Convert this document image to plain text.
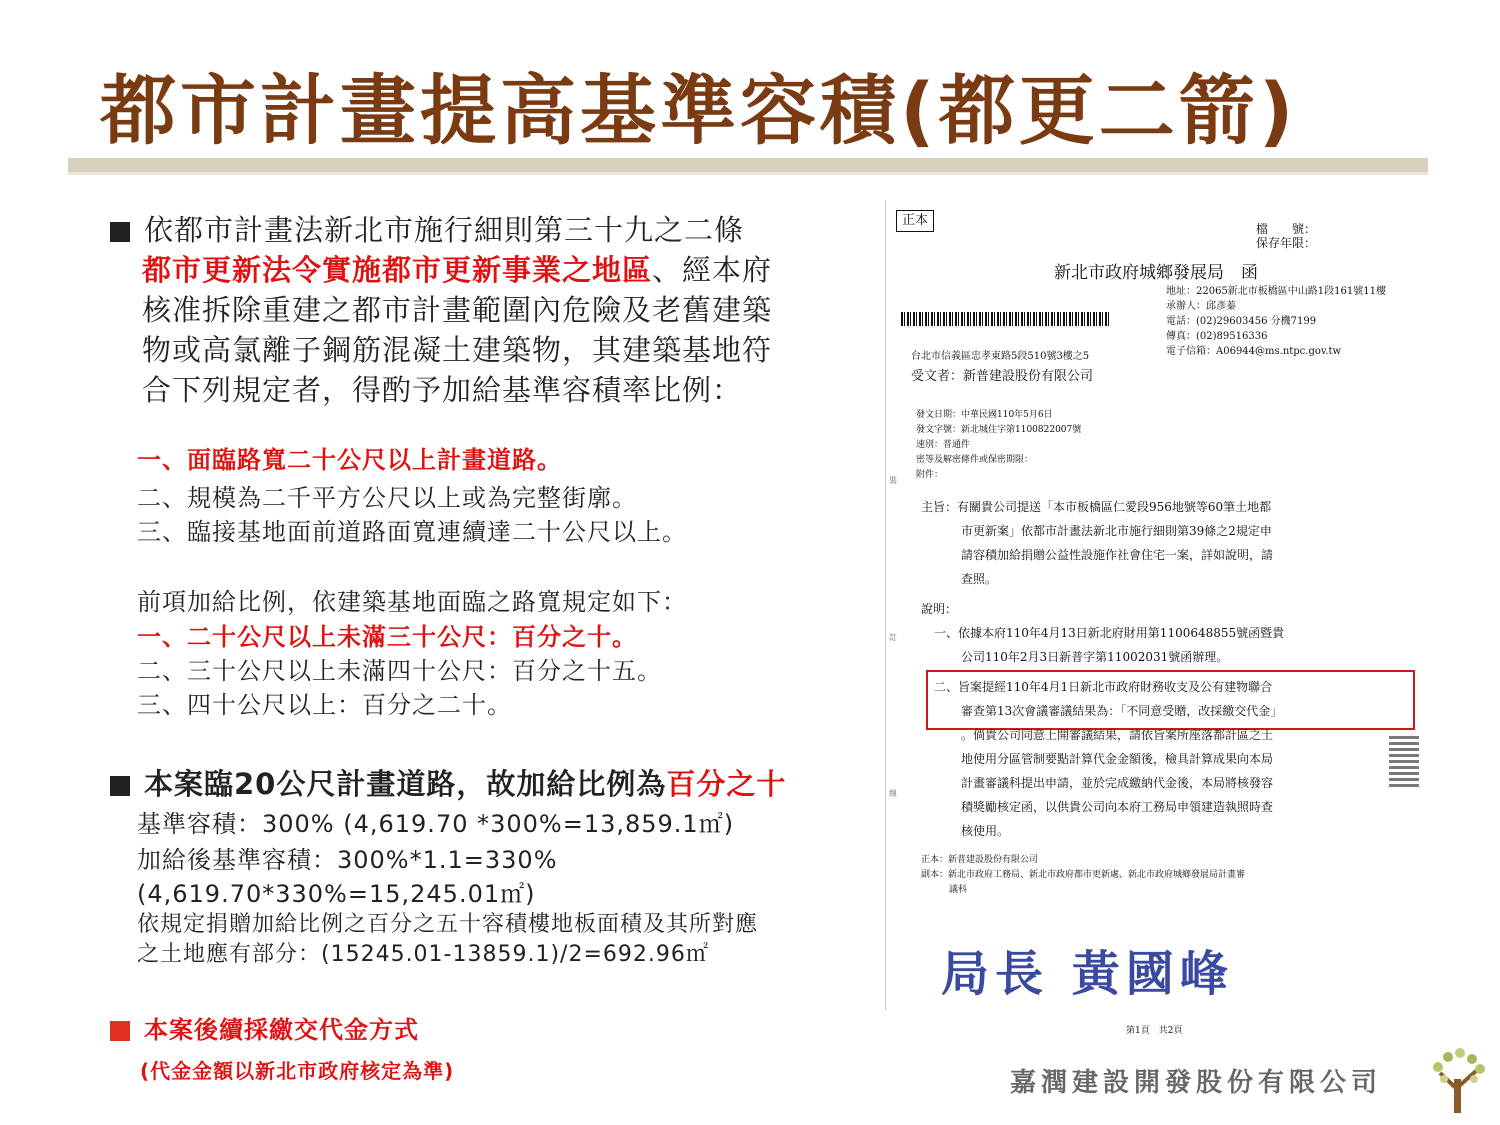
都市計畫提高基準容積(都更二箭)
依都市計畫法新北市施行細則第三十九之二條
都市更新法令實施都市更新事業之地區、經本府
核准拆除重建之都市計畫範圍內危險及老舊建築
物或高氯離子鋼筋混凝土建築物，其建築基地符
合下列規定者，得酌予加給基準容積率比例：
一、面臨路寬二十公尺以上計畫道路。
二、規模為二千平方公尺以上或為完整街廓。
三、臨接基地面前道路面寬連續達二十公尺以上。
前項加給比例，依建築基地面臨之路寬規定如下：
一、二十公尺以上未滿三十公尺：百分之十。
二、三十公尺以上未滿四十公尺：百分之十五。
三、四十公尺以上：百分之二十。
本案臨20公尺計畫道路，故加給比例為百分之十
基準容積：300% (4,619.70 *300%=13,859.1㎡)
加給後基準容積：300%*1.1=330%
(4,619.70*330%=15,245.01㎡)
依規定捐贈加給比例之百分之五十容積樓地板面積及其所對應
之土地應有部分：(15245.01-13859.1)/2=692.96㎡
本案後續採繳交代金方式
(代金金額以新北市政府核定為準)
正本
檔　　號：
保存年限：
新北市政府城鄉發展局　函
地址：22065新北市板橋區中山路1段161號11樓
承辦人：邱彥蓁
電話：(02)29603456 分機7199
傳真：(02)89516336
電子信箱：A06944@ms.ntpc.gov.tw
台北市信義區忠孝東路5段510號3樓之5
受文者：新普建設股份有限公司
發文日期：中華民國110年5月6日
發文字號：新北城住字第1100822007號
速別：普通件
密等及解密條件或保密期限：
附件：
主旨：有關貴公司提送「本市板橋區仁愛段956地號等60筆土地都
市更新案」依都市計畫法新北市施行細則第39條之2規定申
請容積加給捐贈公益性設施作社會住宅一案，詳如說明，請
查照。
說明：
一、依據本府110年4月13日新北府財用第1100648855號函暨貴
公司110年2月3日新普字第11002031號函辦理。
二、旨案提經110年4月1日新北市政府財務收支及公有建物聯合
審查第13次會議審議結果為：「不同意受贈，改採繳交代金」
。倘貴公司同意上開審議結果，請依旨案所座落都計區之土
地使用分區管制要點計算代金金額後，檢具計算成果向本局
計畫審議科提出申請，並於完成繳納代金後，本局將核發容
積獎勵核定函，以供貴公司向本府工務局申領建造執照時查
核使用。
正本：新普建設股份有限公司
副本：新北市政府工務局、新北市政府都市更新處、新北市政府城鄉發展局計畫審
議科
局長 黃國峰
第1頁　共2頁
裝
訂
線
嘉潤建設開發股份有限公司
